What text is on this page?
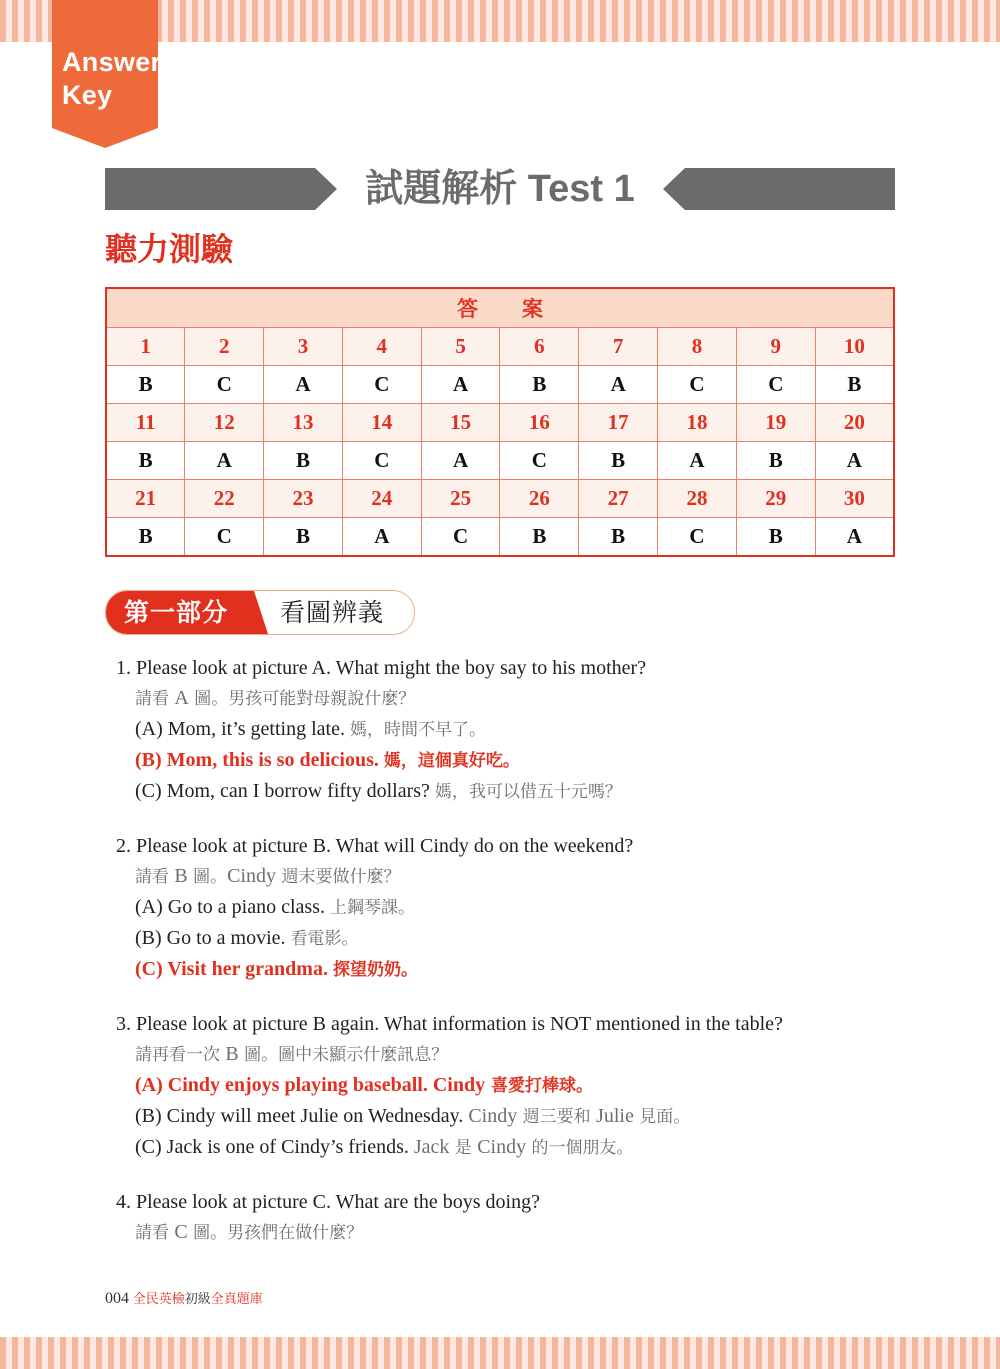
Answer
Key
試題解析 Test 1
聽力測驗
答案									
1	2	3	4	5	6	7	8	9	10
B	C	A	C	A	B	A	C	C	B
11	12	13	14	15	16	17	18	19	20
B	A	B	C	A	C	B	A	B	A
21	22	23	24	25	26	27	28	29	30
B	C	B	A	C	B	B	C	B	A
第一部分 看圖辨義
1. Please look at picture A. What might the boy say to his mother?
請看 A 圖。男孩可能對母親說什麼？
(A) Mom, it’s getting late. 媽，時間不早了。
(B) Mom, this is so delicious. 媽，這個真好吃。
(C) Mom, can I borrow fifty dollars? 媽，我可以借五十元嗎？
2. Please look at picture B. What will Cindy do on the weekend?
請看 B 圖。Cindy 週末要做什麼？
(A) Go to a piano class. 上鋼琴課。
(B) Go to a movie. 看電影。
(C) Visit her grandma. 探望奶奶。
3. Please look at picture B again. What information is NOT mentioned in the table?
請再看一次 B 圖。圖中未顯示什麼訊息？
(A) Cindy enjoys playing baseball. Cindy 喜愛打棒球。
(B) Cindy will meet Julie on Wednesday. Cindy 週三要和 Julie 見面。
(C) Jack is one of Cindy’s friends. Jack 是 Cindy 的一個朋友。
4. Please look at picture C. What are the boys doing?
請看 C 圖。男孩們在做什麼？
004 全民英檢初級全真題庫
